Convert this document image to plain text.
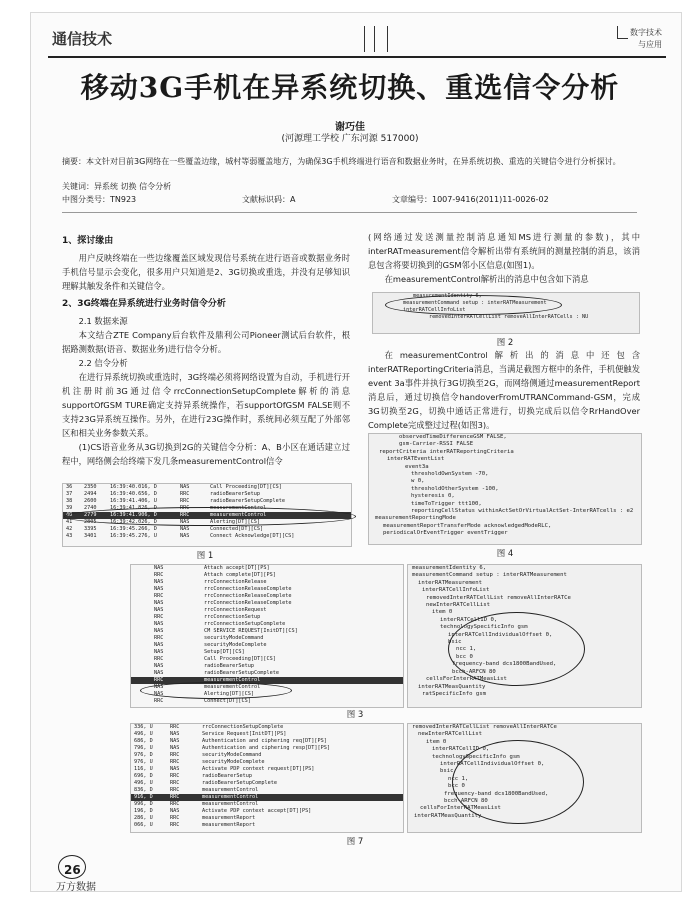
通信技术	数字技术
与应用
移动3G手机在异系统切换、重选信令分析
谢巧佳
(河源理工学校 广东河源 517000)
摘要：本文针对目前3G网络在一些覆盖边缘，城村等弱覆盖地方，为确保3G手机终端进行语音和数据业务时，在异系统切换、重选的关键信令进行分析探讨。
关键词：异系统 切换 信令分析
中图分类号：TN923	文献标识码：A	文章编号：1007-9416(2011)11-0026-02

1、探讨缘由

用户反映终端在一些边缘覆盖区域发现信号系统在进行语音或数据业务时手机信号显示会变化，很多用户只知道是2、3G切换或重选，并没有足够知识理解其触发条件和关键信令。

2、3G终端在异系统进行业务时信令分析

2.1 数据来源

本文结合ZTE Company后台软件及鼎利公司Pioneer测试后台软件，根据路测数据(语音、数据业务)进行信令分析。

2.2 信令分析

在进行异系统切换或重选时，3G终端必须将网络设置为自动，手机进行开机注册时前3G通过信令rrcConnectionSetupComplete解析的消息supportOfGSM TURE确定支持异系统操作，若supportOfGSM FALSE则不支持23G异系统互操作。另外，在进行23G操作时，系统间必须互配了外部邻区和相关业务参数关系。

(1)CS语音业务从3G切换到2G的关键信令分析：A、B小区在通话建立过程中，网络侧会给终端下发几条measurementControl信令

(网络通过发送测量控制消息通知MS进行测量的参数)，其中interRATmeasurement信令解析出带有系统间的测量控制的消息，该消息包含将要切换到的GSM邻小区信息(如图1)。

在measurementControl解析出的消息中包含如下消息

measurementIdentity 6,
measurementCommand setup : interRATMeasurement
interRATCellInfoList
removedInterRATCellList removeAllInterRATCells : NU
图 2

在measurementControl解析出的消息中还包含interRATReportingCriteria消息，当满足截图方框中的条件，手机便触发event 3a事件并执行3G切换至2G，而网络侧通过measurementReport消息后，通过切换信令handoverFromUTRANCommand-GSM，完成3G切换至2G，切换中通话正常进行，切换完成后以信令RrHandOver Complete完成整过过程(如图3)。

36 2350	16:39:40.016, D	NAS	Call Proceeding[DT][CS]
37 2494	16:39:40.656, D	RRC	radioBearerSetup
38 2600	16:39:41.406, U	RRC	radioBearerSetupComplete
39 2740	16:39:41.826, D	RRC	measurementControl
40 2779	16:39:41.906, D	RRC	measurementControl
41 2805	16:39:42.026, D	NAS	Alerting[DT][CS]
42 3395	16:39:45.266, D	NAS	Connected[DT][CS]
43 3401	16:39:45.276, U	NAS	Connect Acknowledge[DT][CS]
图 1
observedTimeDifferenceGSM FALSE,
gsm-Carrier-RSSI FALSE
reportCriteria interRATReportingCriteria
interRATEventList
event3a
thresholdOwnSystem -70,
w 0,
thresholdOtherSystem -100,
hysteresis 0,
timeToTrigger ttt100,
reportingCellStatus withinActSetOrVirtualActSet-InterRATcells : e2
measurementReportingMode
measurementReportTransferMode acknowledgedModeRLC,
periodicalOrEventTrigger eventTrigger
图 4
NAS	Attach accept[DT][PS]
RRC	Attach complete[DT][PS]
NAS	rrcConnectionRelease
NAS	rrcConnectionReleaseComplete
RRC	rrcConnectionReleaseComplete
NAS	rrcConnectionReleaseComplete
NAS	rrcConnectionRequest
RRC	rrcConnectionSetup
NAS	rrcConnectionSetupComplete
NAS	CM SERVICE REQUEST[InitDT][CS]
RRC	securityModeCommand
NAS	securityModeComplete
NAS	Setup[DT][CS]
RRC	Call Proceeding[DT][CS]
NAS	radioBearerSetup
NAS	radioBearerSetupComplete
RRC	measurementControl
NAS	measurementControl
NAS	Alerting[DT][CS]
RRC	Connect[DT][CS]
measurementIdentity 6,
measurementCommand setup : interRATMeasurement
interRATMeasurement
interRATCellInfoList
removedInterRATCellList removeAllInterRATCe
newInterRATCellList
item 0
interRATCellID 0,
technologySpecificInfo gsm
interRATCellIndividualOffset 0,
bsic
ncc 1,
bcc 0
frequency-band dcs1800BandUsed,
bcch-ARFCN 80
cellsForInterRATMeasList
interRATMeasQuantity
ratSpecificInfo gsm
图 3
336, U	RRC	rrcConnectionSetupComplete
496, U	NAS	Service Request[InitDT][PS]
686, D	NAS	Authentication and ciphering req[DT][PS]
796, U	NAS	Authentication and ciphering resp[DT][PS]
976, D	RRC	securityModeCommand
976, U	RRC	securityModeComplete
116, U	NAS	Activate PDP context request[DT][PS]
696, D	RRC	radioBearerSetup
496, U	RRC	radioBearerSetupComplete
836, D	RRC	measurementControl
916, D	RRC	measurementControl
996, D	RRC	measurementControl
196, D	NAS	Activate PDP context accept[DT][PS]
286, U	RRC	measurementReport
066, U	RRC	measurementReport
removedInterRATCellList removeAllInterRATCe
newInterRATCellList
item 0
interRATCellID 0,
technologySpecificInfo gsm
interRATCellIndividualOffset 0,
bsic
ncc 1,
bcc 0
frequency-band dcs1800BandUsed,
bcch-ARFCN 80
cellsForInterRATMeasList
interRATMeasQuantity
图 7
26
万方数据
